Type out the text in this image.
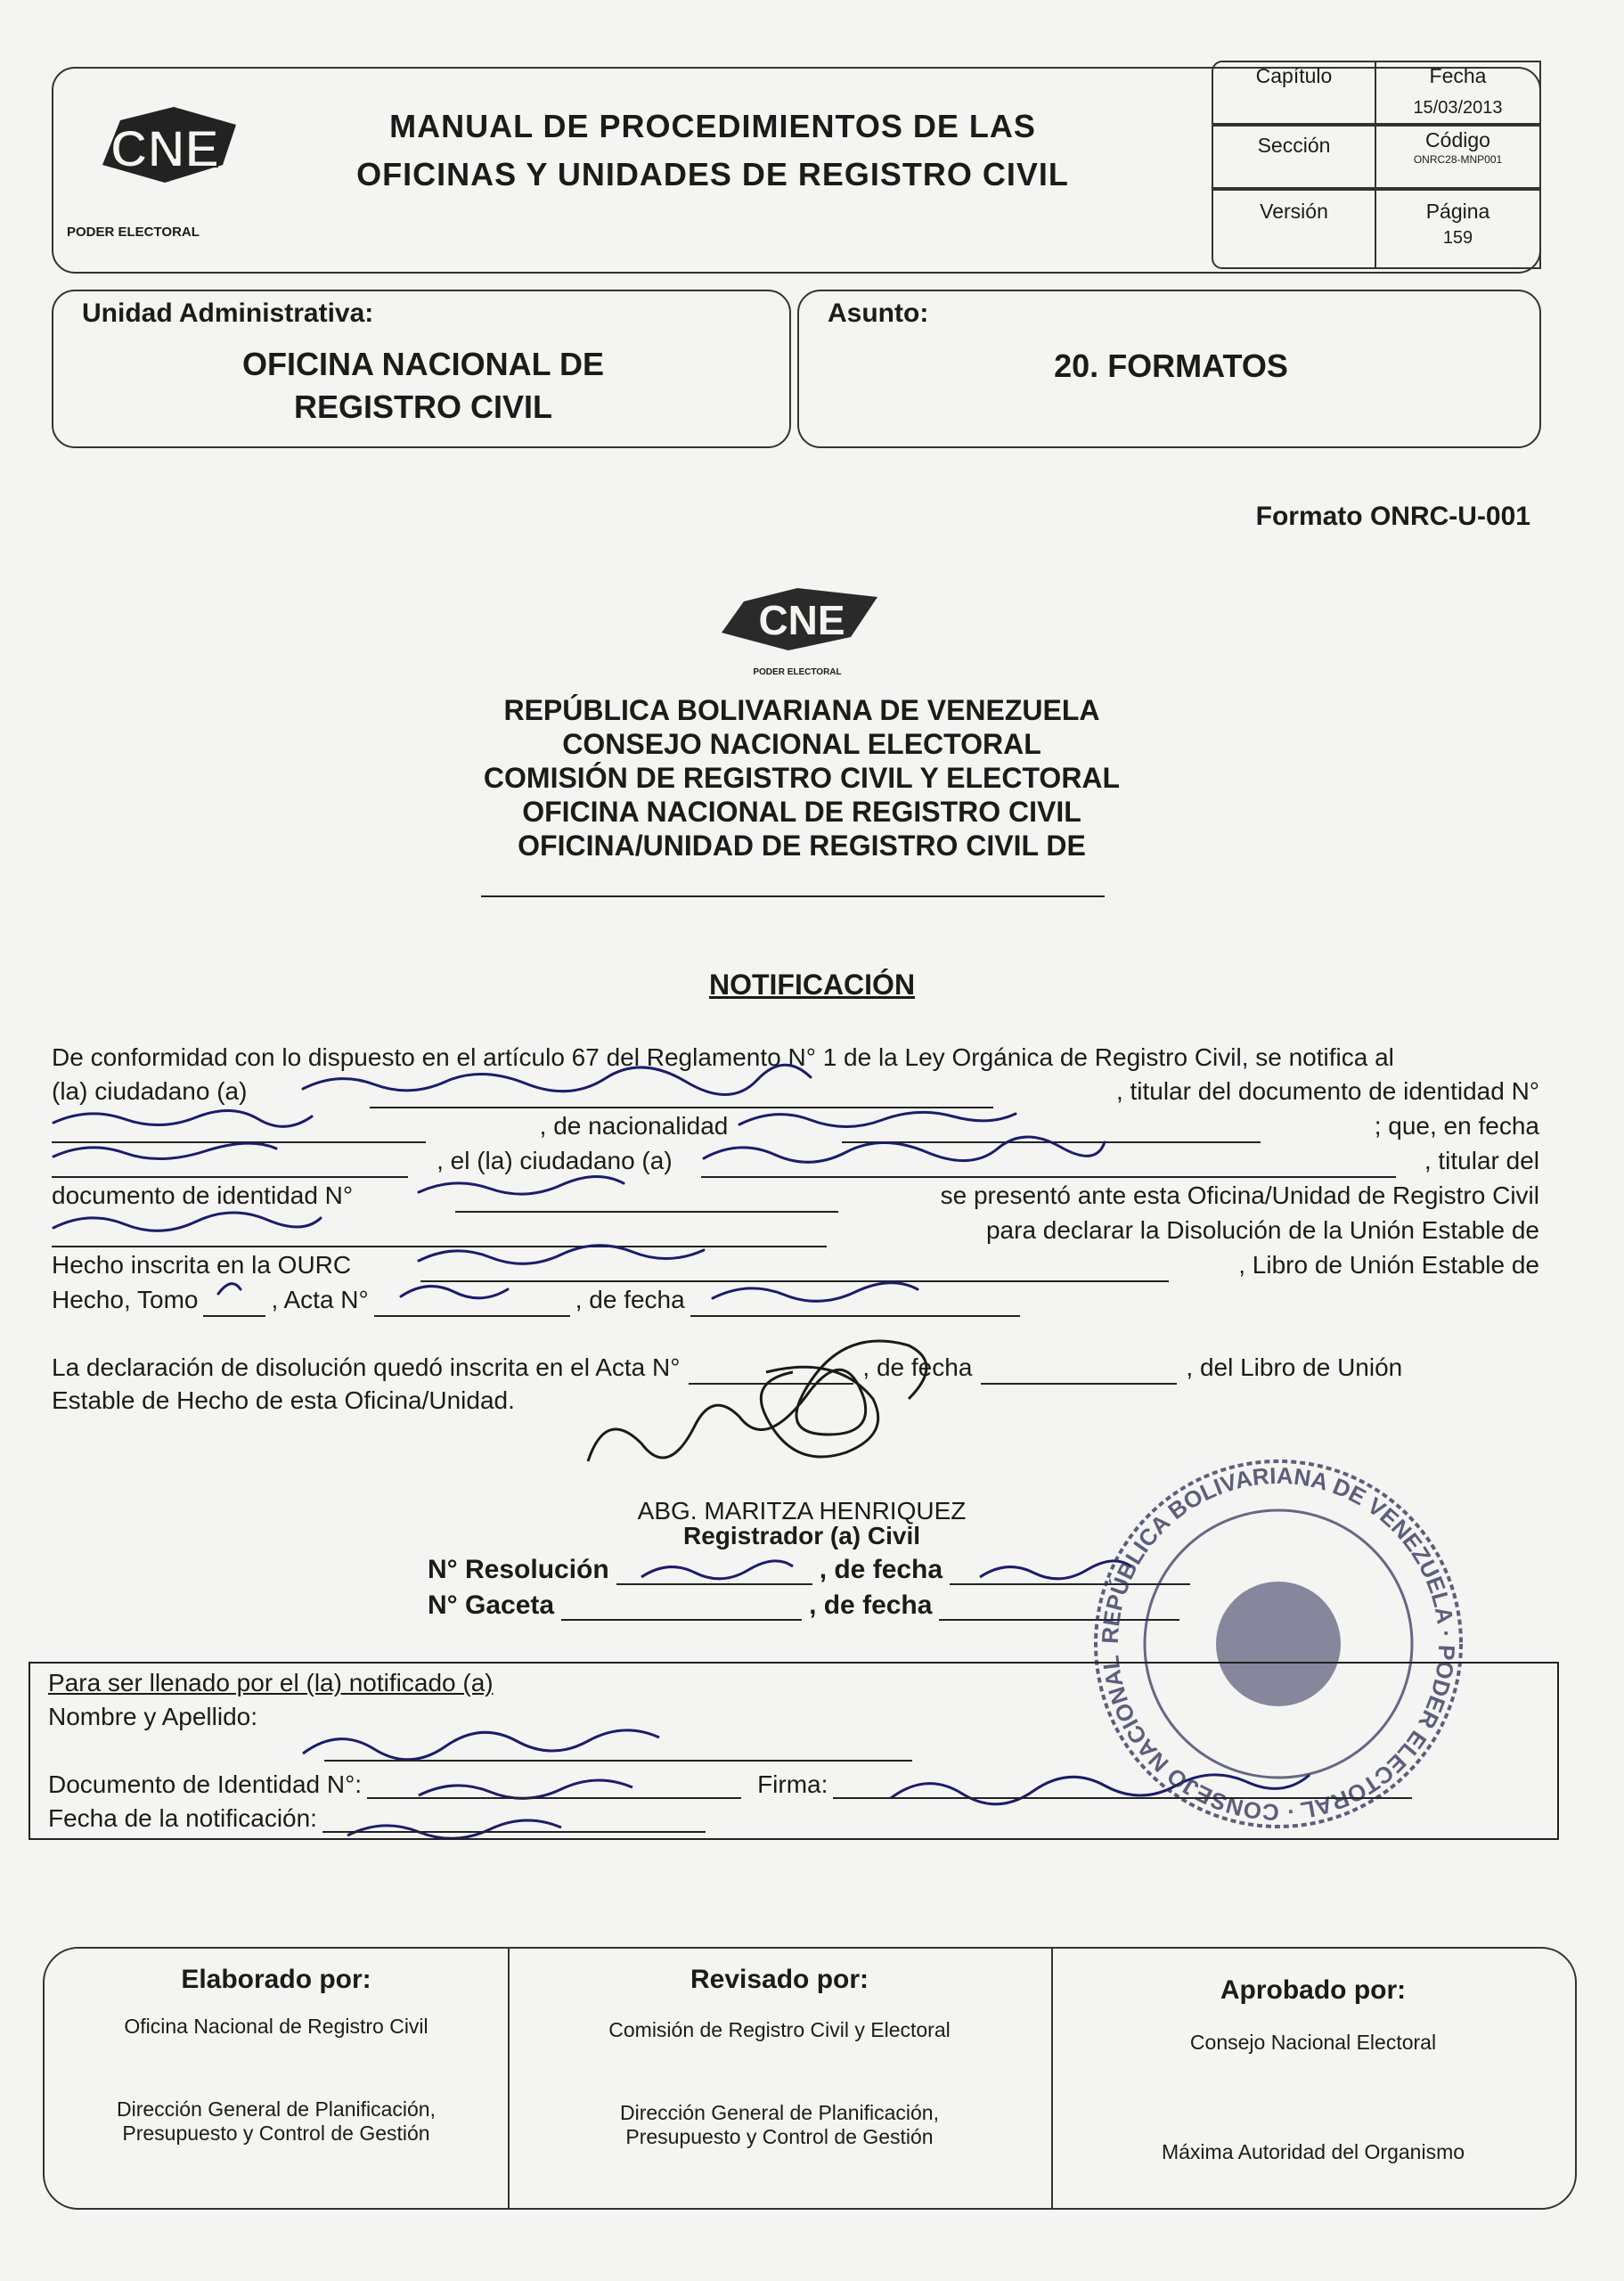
CNE
PODER ELECTORAL
MANUAL DE PROCEDIMIENTOS DE LAS
OFICINAS Y UNIDADES DE REGISTRO CIVIL
Capítulo	Fecha
15/03/2013
Sección	Código
ONRC28-MNP001
Versión	Página
159
Unidad Administrativa:
OFICINA NACIONAL DE
REGISTRO CIVIL
Asunto:
20. FORMATOS
Formato ONRC-U-001
CNE
PODER ELECTORAL
REPÚBLICA BOLIVARIANA DE VENEZUELA
CONSEJO NACIONAL ELECTORAL
COMISIÓN DE REGISTRO CIVIL Y ELECTORAL
OFICINA NACIONAL DE REGISTRO CIVIL
OFICINA/UNIDAD DE REGISTRO CIVIL DE
NOTIFICACIÓN
De conformidad con lo dispuesto en el artículo 67 del Reglamento N° 1 de la Ley Orgánica de Registro Civil, se notifica al
(la) ciudadano (a)	, titular del documento de identidad N°
, de nacionalidad	; que, en fecha
, el (la) ciudadano (a)	, titular del
documento de identidad N°	se presentó ante esta Oficina/Unidad de Registro Civil
para declarar la Disolución de la Unión Estable de
Hecho inscrita en la OURC	, Libro de Unión Estable de
Hecho, Tomo	, Acta N°	, de fecha
La declaración de disolución quedó inscrita en el Acta N°	, de fecha	, del Libro de Unión
Estable de Hecho de esta Oficina/Unidad.
ABG. MARITZA HENRIQUEZ
Registrador (a) Civil
N° Resolución	, de fecha
N° Gaceta	, de fecha
REPÚBLICA BOLIVARIANA DE VENEZUELA · PODER ELECTORAL · CONSEJO NACIONAL ELECTORAL · COMISIÓN DE REGISTRO CIVIL Y ELECTORAL
Para ser llenado por el (la) notificado (a)
Nombre y Apellido:
Documento de Identidad N°:	Firma:
Fecha de la notificación:
Elaborado por:
Oficina Nacional de Registro Civil
Dirección General de Planificación,
Presupuesto y Control de Gestión
Revisado por:
Comisión de Registro Civil y Electoral
Dirección General de Planificación,
Presupuesto y Control de Gestión
Aprobado por:
Consejo Nacional Electoral
Máxima Autoridad del Organismo
